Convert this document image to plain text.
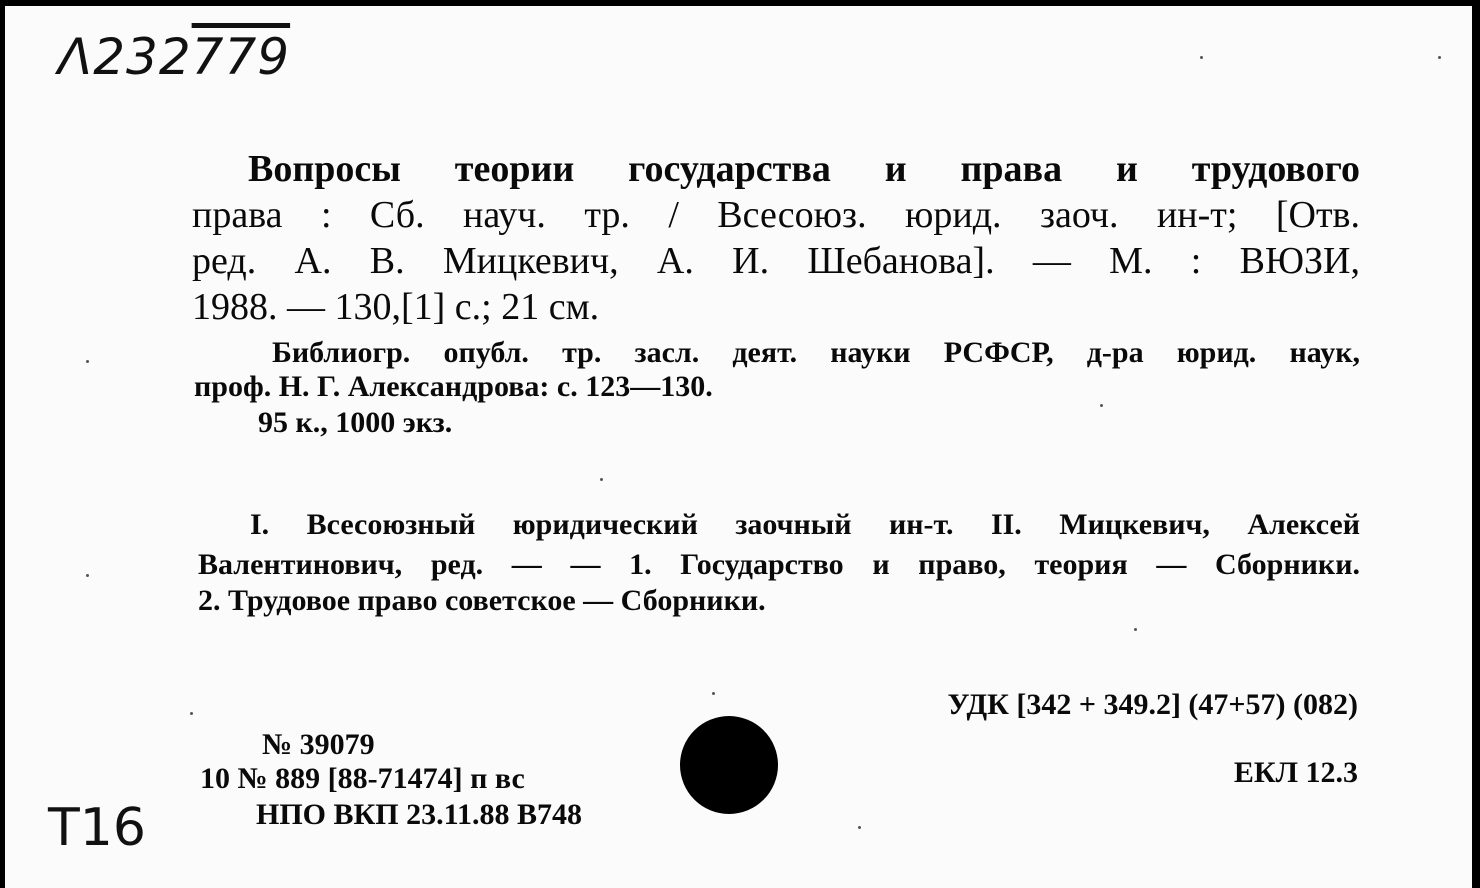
Λ232779
Вопросы теории государства и права и трудового
права : Сб. науч. тр. / Всесоюз. юрид. заоч. ин-т; [Отв.
ред. А. В. Мицкевич, А. И. Шебанова]. — М. : ВЮЗИ,
1988. — 130,[1] с.; 21 см.
Библиогр. опубл. тр. засл. деят. науки РСФСР, д-ра юрид. наук,
проф. Н. Г. Александрова: с. 123—130.
95 к., 1000 экз.
I. Всесоюзный юридический заочный ин-т. II. Мицкевич, Алексей
Валентинович, ред. — — 1. Государство и право, теория — Сборники.
2. Трудовое право советское — Сборники.
УДК [342 + 349.2] (47+57) (082)
ЕКЛ 12.3
№ 39079
10 № 889 [88-71474] п вс
НПО ВКП 23.11.88 В748
Т16
